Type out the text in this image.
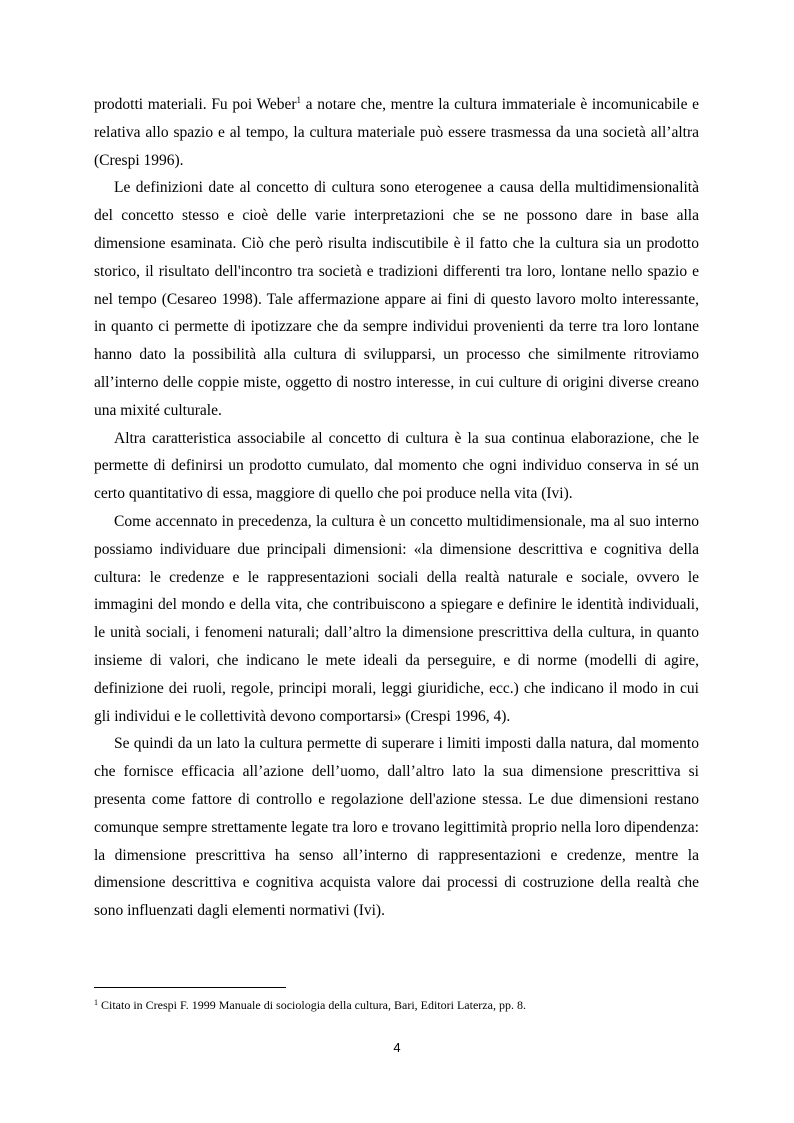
prodotti materiali. Fu poi Weber$^1$ a notare che, mentre la cultura immateriale è incomunicabile e relativa allo spazio e al tempo, la cultura materiale può essere trasmessa da una società all’altra (Crespi 1996).

Le definizioni date al concetto di cultura sono eterogenee a causa della multidimensionalità del concetto stesso e cioè delle varie interpretazioni che se ne possono dare in base alla dimensione esaminata. Ciò che però risulta indiscutibile è il fatto che la cultura sia un prodotto storico, il risultato dell'incontro tra società e tradizioni differenti tra loro, lontane nello spazio e nel tempo (Cesareo 1998). Tale affermazione appare ai fini di questo lavoro molto interessante, in quanto ci permette di ipotizzare che da sempre individui provenienti da terre tra loro lontane hanno dato la possibilità alla cultura di svilupparsi, un processo che similmente ritroviamo all’interno delle coppie miste, oggetto di nostro interesse, in cui culture di origini diverse creano una mixité culturale.

Altra caratteristica associabile al concetto di cultura è la sua continua elaborazione, che le permette di definirsi un prodotto cumulato, dal momento che ogni individuo conserva in sé un certo quantitativo di essa, maggiore di quello che poi produce nella vita (Ivi).

Come accennato in precedenza, la cultura è un concetto multidimensionale, ma al suo interno possiamo individuare due principali dimensioni: «la dimensione descrittiva e cognitiva della cultura: le credenze e le rappresentazioni sociali della realtà naturale e sociale, ovvero le immagini del mondo e della vita, che contribuiscono a spiegare e definire le identità individuali, le unità sociali, i fenomeni naturali; dall’altro la dimensione prescrittiva della cultura, in quanto insieme di valori, che indicano le mete ideali da perseguire, e di norme (modelli di agire, definizione dei ruoli, regole, principi morali, leggi giuridiche, ecc.) che indicano il modo in cui gli individui e le collettività devono comportarsi» (Crespi 1996, 4).

Se quindi da un lato la cultura permette di superare i limiti imposti dalla natura, dal momento che fornisce efficacia all’azione dell’uomo, dall’altro lato la sua dimensione prescrittiva si presenta come fattore di controllo e regolazione dell'azione stessa. Le due dimensioni restano comunque sempre strettamente legate tra loro e trovano legittimità proprio nella loro dipendenza: la dimensione prescrittiva ha senso all’interno di rappresentazioni e credenze, mentre la dimensione descrittiva e cognitiva acquista valore dai processi di costruzione della realtà che sono influenzati dagli elementi normativi (Ivi).

$^1$ Citato in Crespi F. 1999 Manuale di sociologia della cultura, Bari, Editori Laterza, pp. 8.
4
